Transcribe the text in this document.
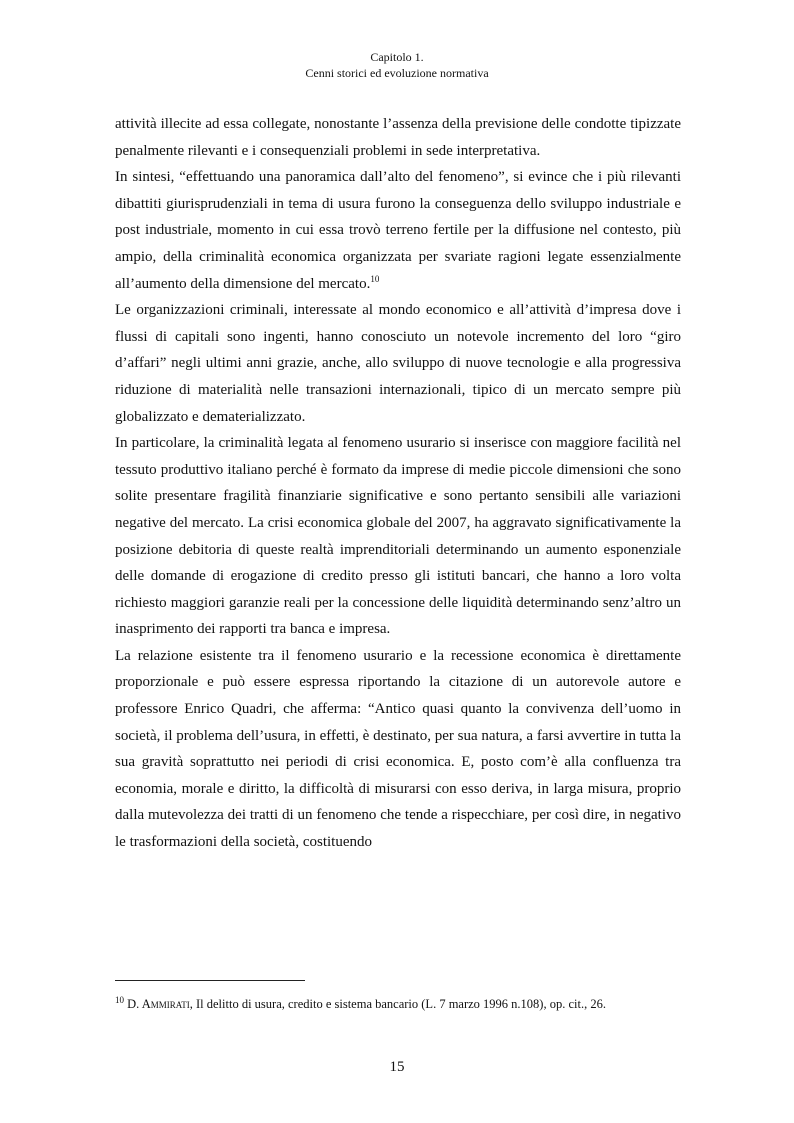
Capitolo 1.
Cenni storici ed evoluzione normativa

attività illecite ad essa collegate, nonostante l’assenza della previsione delle condotte tipizzate penalmente rilevanti e i consequenziali problemi in sede interpretativa.

In sintesi, “effettuando una panoramica dall’alto del fenomeno”, si evince che i più rilevanti dibattiti giurisprudenziali in tema di usura furono la conseguenza dello sviluppo industriale e post industriale, momento in cui essa trovò terreno fertile per la diffusione nel contesto, più ampio, della criminalità economica organizzata per svariate ragioni legate essenzialmente all’aumento della dimensione del mercato.$^{10}$

Le organizzazioni criminali, interessate al mondo economico e all’attività d’impresa dove i flussi di capitali sono ingenti, hanno conosciuto un notevole incremento del loro “giro d’affari” negli ultimi anni grazie, anche, allo sviluppo di nuove tecnologie e alla progressiva riduzione di materialità nelle transazioni internazionali, tipico di un mercato sempre più globalizzato e dematerializzato.

In particolare, la criminalità legata al fenomeno usurario si inserisce con maggiore facilità nel tessuto produttivo italiano perché è formato da imprese di medie piccole dimensioni che sono solite presentare fragilità finanziarie significative e sono pertanto sensibili alle variazioni negative del mercato. La crisi economica globale del 2007, ha aggravato significativamente la posizione debitoria di queste realtà imprenditoriali determinando un aumento esponenziale delle domande di erogazione di credito presso gli istituti bancari, che hanno a loro volta richiesto maggiori garanzie reali per la concessione delle liquidità determinando senz’altro un inasprimento dei rapporti tra banca e impresa.

La relazione esistente tra il fenomeno usurario e la recessione economica è direttamente proporzionale e può essere espressa riportando la citazione di un autorevole autore e professore Enrico Quadri, che afferma: “Antico quasi quanto la convivenza dell’uomo in società, il problema dell’usura, in effetti, è destinato, per sua natura, a farsi avvertire in tutta la sua gravità soprattutto nei periodi di crisi economica. E, posto com’è alla confluenza tra economia, morale e diritto, la difficoltà di misurarsi con esso deriva, in larga misura, proprio dalla mutevolezza dei tratti di un fenomeno che tende a rispecchiare, per così dire, in negativo le trasformazioni della società, costituendo

$^{10}$ D. Ammirati, Il delitto di usura, credito e sistema bancario (L. 7 marzo 1996 n.108), op. cit., 26.
15
